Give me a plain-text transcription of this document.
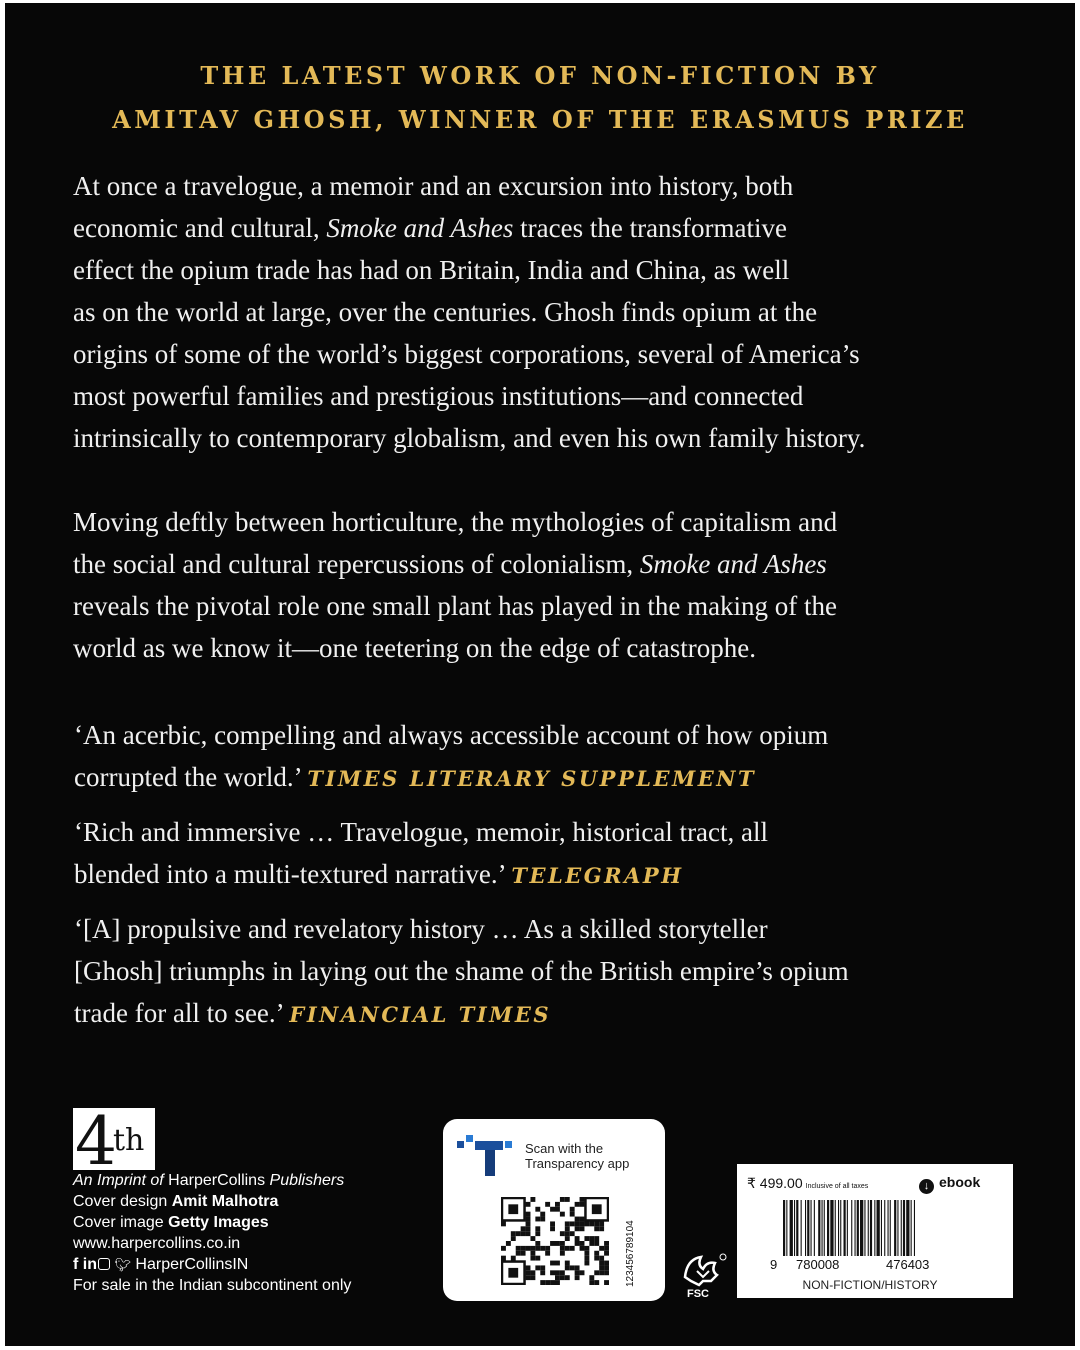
THE LATEST WORK OF NON-FICTION BY
AMITAV GHOSH, WINNER OF THE ERASMUS PRIZE
At once a travelogue, a memoir and an excursion into history, both
economic and cultural, Smoke and Ashes traces the transformative
effect the opium trade has had on Britain, India and China, as well
as on the world at large, over the centuries. Ghosh finds opium at the
origins of some of the world’s biggest corporations, several of America’s
most powerful families and prestigious institutions—and connected
intrinsically to contemporary globalism, and even his own family history.
Moving deftly between horticulture, the mythologies of capitalism and
the social and cultural repercussions of colonialism, Smoke and Ashes
reveals the pivotal role one small plant has played in the making of the
world as we know it—one teetering on the edge of catastrophe.
‘An acerbic, compelling and always accessible account of how opium
corrupted the world.’ TIMES LITERARY SUPPLEMENT
‘Rich and immersive … Travelogue, memoir, historical tract, all
blended into a multi-textured narrative.’ TELEGRAPH
‘[A] propulsive and revelatory history … As a skilled storyteller
[Ghosh] triumphs in laying out the shame of the British empire’s opium
trade for all to see.’ FINANCIAL TIMES
4
th
An Imprint of HarperCollins Publishers
Cover design Amit Malhotra
Cover image Getty Images
www.harpercollins.co.in
f in 🐦︎ HarperCollinsIN
For sale in the Indian subcontinent only
Scan with the
Transparency app
123456789104
FSC
₹ 499.00 Inclusive of all taxes	↓ ebook
9 780008	476403
NON-FICTION/HISTORY
